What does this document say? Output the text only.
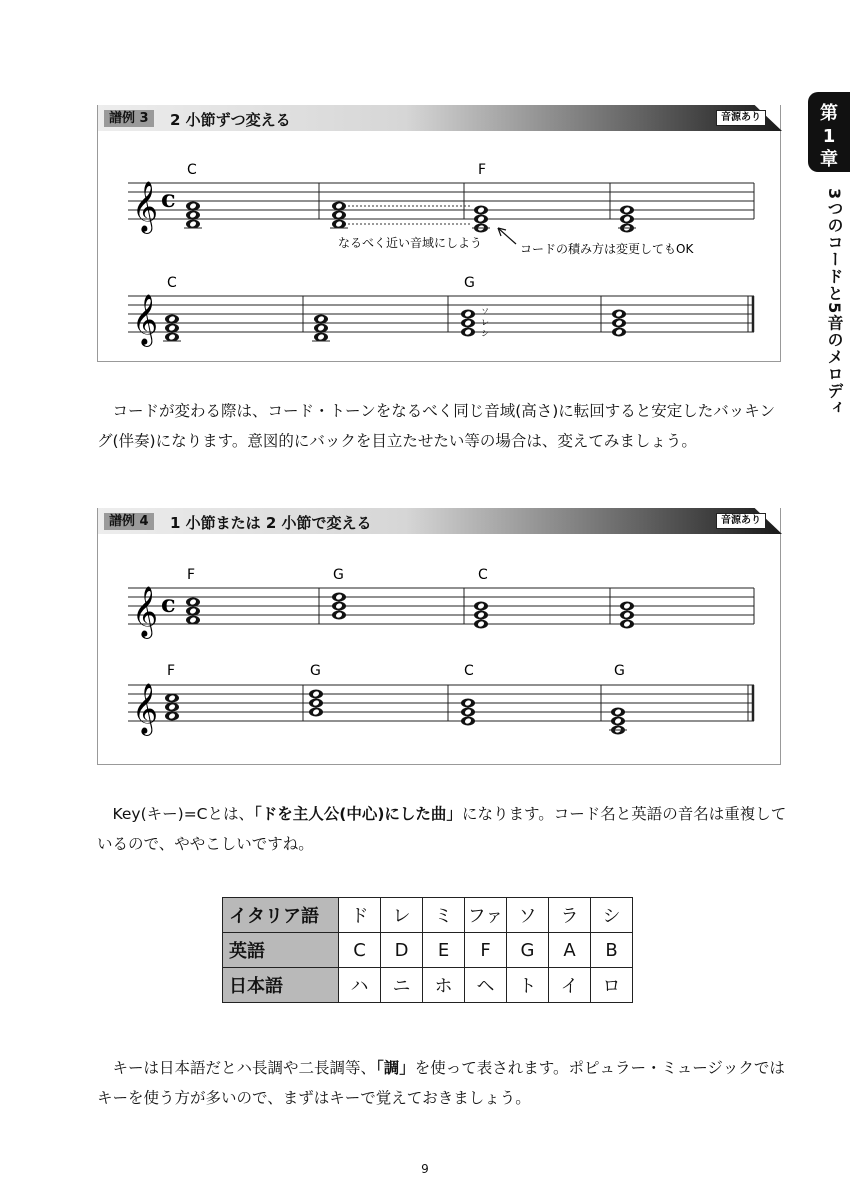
第
1
章
3つのコードと5音のメロディ
譜例 3	2 小節ずつ変える	音源あり
𝄞 c
C	F
なるべく近い音域にしよう	コードの積み方は変更してもOK
𝄞
C	G
ソ
レ
シ

コードが変わる際は、コード・トーンをなるべく同じ音域(高さ)に転回すると安定したバッキング(伴奏)になります。意図的にバックを目立たせたい等の場合は、変えてみましょう。

譜例 4	1 小節または 2 小節で変える	音源あり
𝄞 c
F	G	C
𝄞
F	G	C	G

Key(キー)=Cとは、「ドを主人公(中心)にした曲」になります。コード名と英語の音名は重複しているので、ややこしいですね。

イタリア語	ド	レ	ミ	ファ	ソ	ラ	シ
英語	C	D	E	F	G	A	B
日本語	ハ	ニ	ホ	ヘ	ト	イ	ロ

キーは日本語だとハ長調や二長調等、「調」を使って表されます。ポピュラー・ミュージックではキーを使う方が多いので、まずはキーで覚えておきましょう。

9
